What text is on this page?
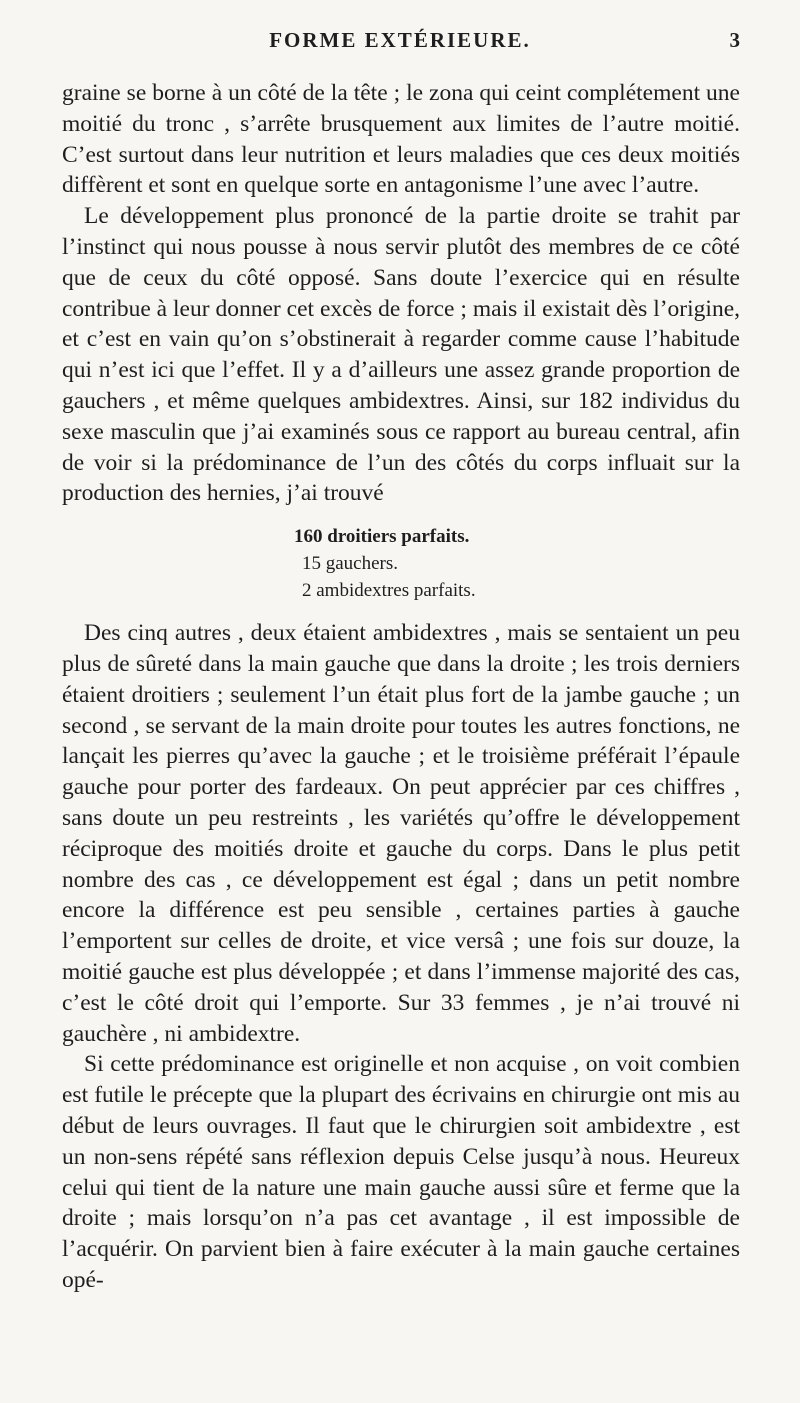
FORME EXTÉRIEURE.	3

graine se borne à un côté de la tête ; le zona qui ceint complétement une moitié du tronc , s’arrête brusquement aux limites de l’autre moitié. C’est surtout dans leur nutrition et leurs maladies que ces deux moitiés diffèrent et sont en quelque sorte en antagonisme l’une avec l’autre.

Le développement plus prononcé de la partie droite se trahit par l’instinct qui nous pousse à nous servir plutôt des membres de ce côté que de ceux du côté opposé. Sans doute l’exercice qui en résulte contribue à leur donner cet excès de force ; mais il existait dès l’origine, et c’est en vain qu’on s’obstinerait à regarder comme cause l’habitude qui n’est ici que l’effet. Il y a d’ailleurs une assez grande proportion de gauchers , et même quelques ambidextres. Ainsi, sur 182 individus du sexe masculin que j’ai examinés sous ce rapport au bureau central, afin de voir si la prédominance de l’un des côtés du corps influait sur la production des hernies, j’ai trouvé

160 droitiers parfaits.
15 gauchers.
2 ambidextres parfaits.

Des cinq autres , deux étaient ambidextres , mais se sentaient un peu plus de sûreté dans la main gauche que dans la droite ; les trois derniers étaient droitiers ; seulement l’un était plus fort de la jambe gauche ; un second , se servant de la main droite pour toutes les autres fonctions, ne lançait les pierres qu’avec la gauche ; et le troisième préférait l’épaule gauche pour porter des fardeaux. On peut apprécier par ces chiffres , sans doute un peu restreints , les variétés qu’offre le développement réciproque des moitiés droite et gauche du corps. Dans le plus petit nombre des cas , ce développement est égal ; dans un petit nombre encore la différence est peu sensible , certaines parties à gauche l’emportent sur celles de droite, et vice versâ ; une fois sur douze, la moitié gauche est plus développée ; et dans l’immense majorité des cas, c’est le côté droit qui l’emporte. Sur 33 femmes , je n’ai trouvé ni gauchère , ni ambidextre.

Si cette prédominance est originelle et non acquise , on voit combien est futile le précepte que la plupart des écrivains en chirurgie ont mis au début de leurs ouvrages. Il faut que le chirurgien soit ambidextre , est un non-sens répété sans réflexion depuis Celse jusqu’à nous. Heureux celui qui tient de la nature une main gauche aussi sûre et ferme que la droite ; mais lorsqu’on n’a pas cet avantage , il est impossible de l’acquérir. On parvient bien à faire exécuter à la main gauche certaines opé-
